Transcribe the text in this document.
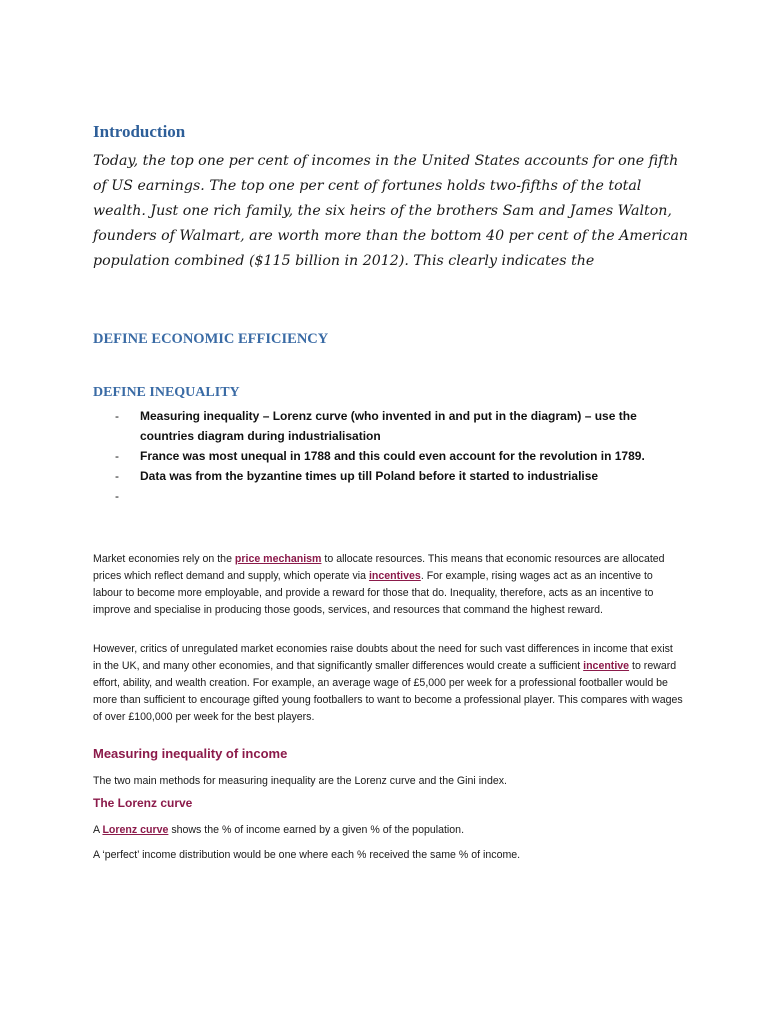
Introduction

Today, the top one per cent of incomes in the United States accounts for one fifth of US earnings. The top one per cent of fortunes holds two-fifths of the total wealth. Just one rich family, the six heirs of the brothers Sam and James Walton, founders of Walmart, are worth more than the bottom 40 per cent of the American population combined ($115 billion in 2012). This clearly indicates the

DEFINE ECONOMIC EFFICIENCY
DEFINE INEQUALITY
- Measuring inequality – Lorenz curve (who invented in and put in the diagram) – use the countries diagram during industrialisation
- France was most unequal in 1788 and this could even account for the revolution in 1789.
- Data was from the byzantine times up till Poland before it started to industrialise
-

Market economies rely on the price mechanism to allocate resources. This means that economic resources are allocated prices which reflect demand and supply, which operate via incentives. For example, rising wages act as an incentive to labour to become more employable, and provide a reward for those that do. Inequality, therefore, acts as an incentive to improve and specialise in producing those goods, services, and resources that command the highest reward.

However, critics of unregulated market economies raise doubts about the need for such vast differences in income that exist in the UK, and many other economies, and that significantly smaller differences would create a sufficient incentive to reward effort, ability, and wealth creation. For example, an average wage of £5,000 per week for a professional footballer would be more than sufficient to encourage gifted young footballers to want to become a professional player. This compares with wages of over £100,000 per week for the best players.

Measuring inequality of income

The two main methods for measuring inequality are the Lorenz curve and the Gini index.

The Lorenz curve

A Lorenz curve shows the % of income earned by a given % of the population.

A ‘perfect’ income distribution would be one where each % received the same % of income.
